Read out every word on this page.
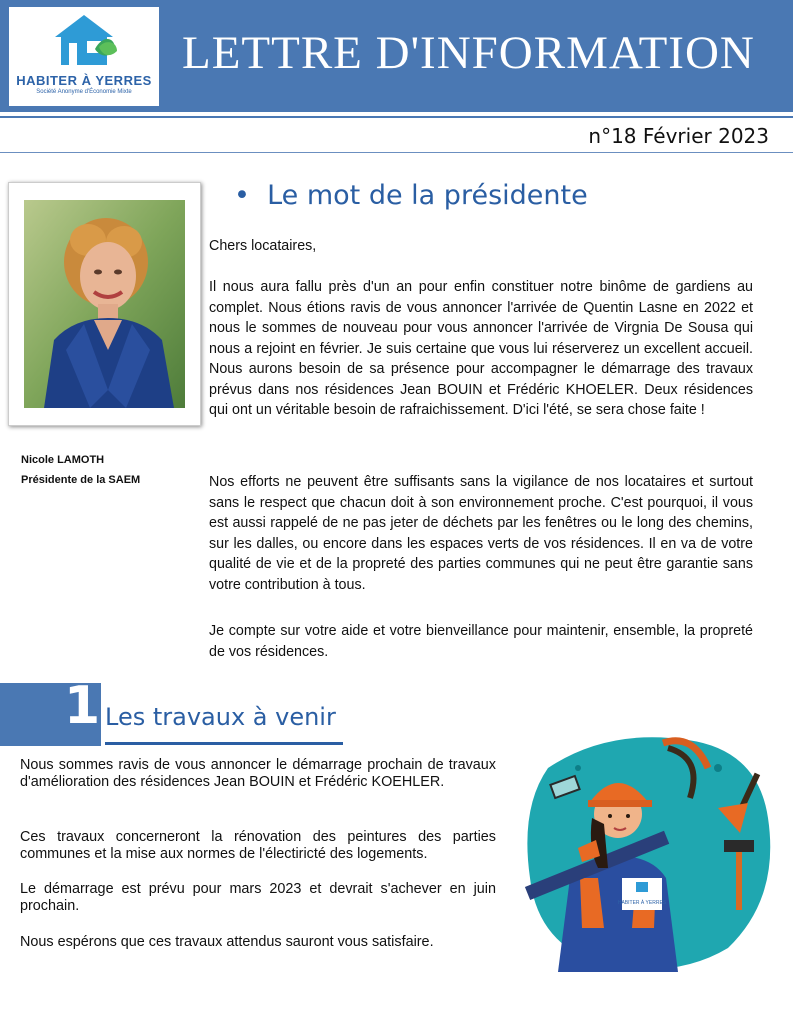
HABITER À YERRES
Société Anonyme d'Économie Mixte
LETTRE D'INFORMATION
n°18 Février 2023
Nicole LAMOTH
Présidente de la SAEM
•  Le mot de la présidente
Chers locataires,
Il nous aura fallu près d'un an pour enfin constituer notre binôme de gardiens au complet. Nous étions ravis de vous annoncer l'arrivée de Quentin Lasne en 2022 et nous le sommes de nouveau pour vous annoncer l'arrivée de Virgnia De Sousa qui nous a rejoint en février. Je suis certaine que vous lui réserverez un excellent accueil. Nous aurons besoin de sa présence pour accompagner le démarrage des travaux prévus dans nos résidences Jean BOUIN et Frédéric KHOELER. Deux résidences qui ont un véritable besoin de rafraichissement. D'ici l'été, se sera chose faite !
Nos efforts ne peuvent être suffisants sans la vigilance de nos locataires et surtout sans le respect que chacun doit à son environnement proche. C'est pourquoi, il vous est aussi rappelé de ne pas jeter de déchets par les fenêtres ou le long des chemins, sur les dalles, ou encore dans les espaces verts de vos résidences. Il en va de votre qualité de vie et de la propreté des parties communes qui ne peut être garantie sans votre contribution à tous.
Je compte sur votre aide et votre bienveillance pour maintenir, ensemble, la propreté de vos résidences.
1 Les travaux à venir
Nous sommes ravis de vous annoncer le démarrage prochain de travaux d'amélioration des résidences Jean BOUIN et Frédéric KOEHLER.
Ces travaux concerneront la rénovation des peintures des parties communes et la mise aux normes de l'électiricté des logements.
Le démarrage est prévu pour mars 2023 et devrait s'achever en juin prochain.
Nous espérons que ces travaux attendus sauront vous satisfaire.
HABITER À YERRES
